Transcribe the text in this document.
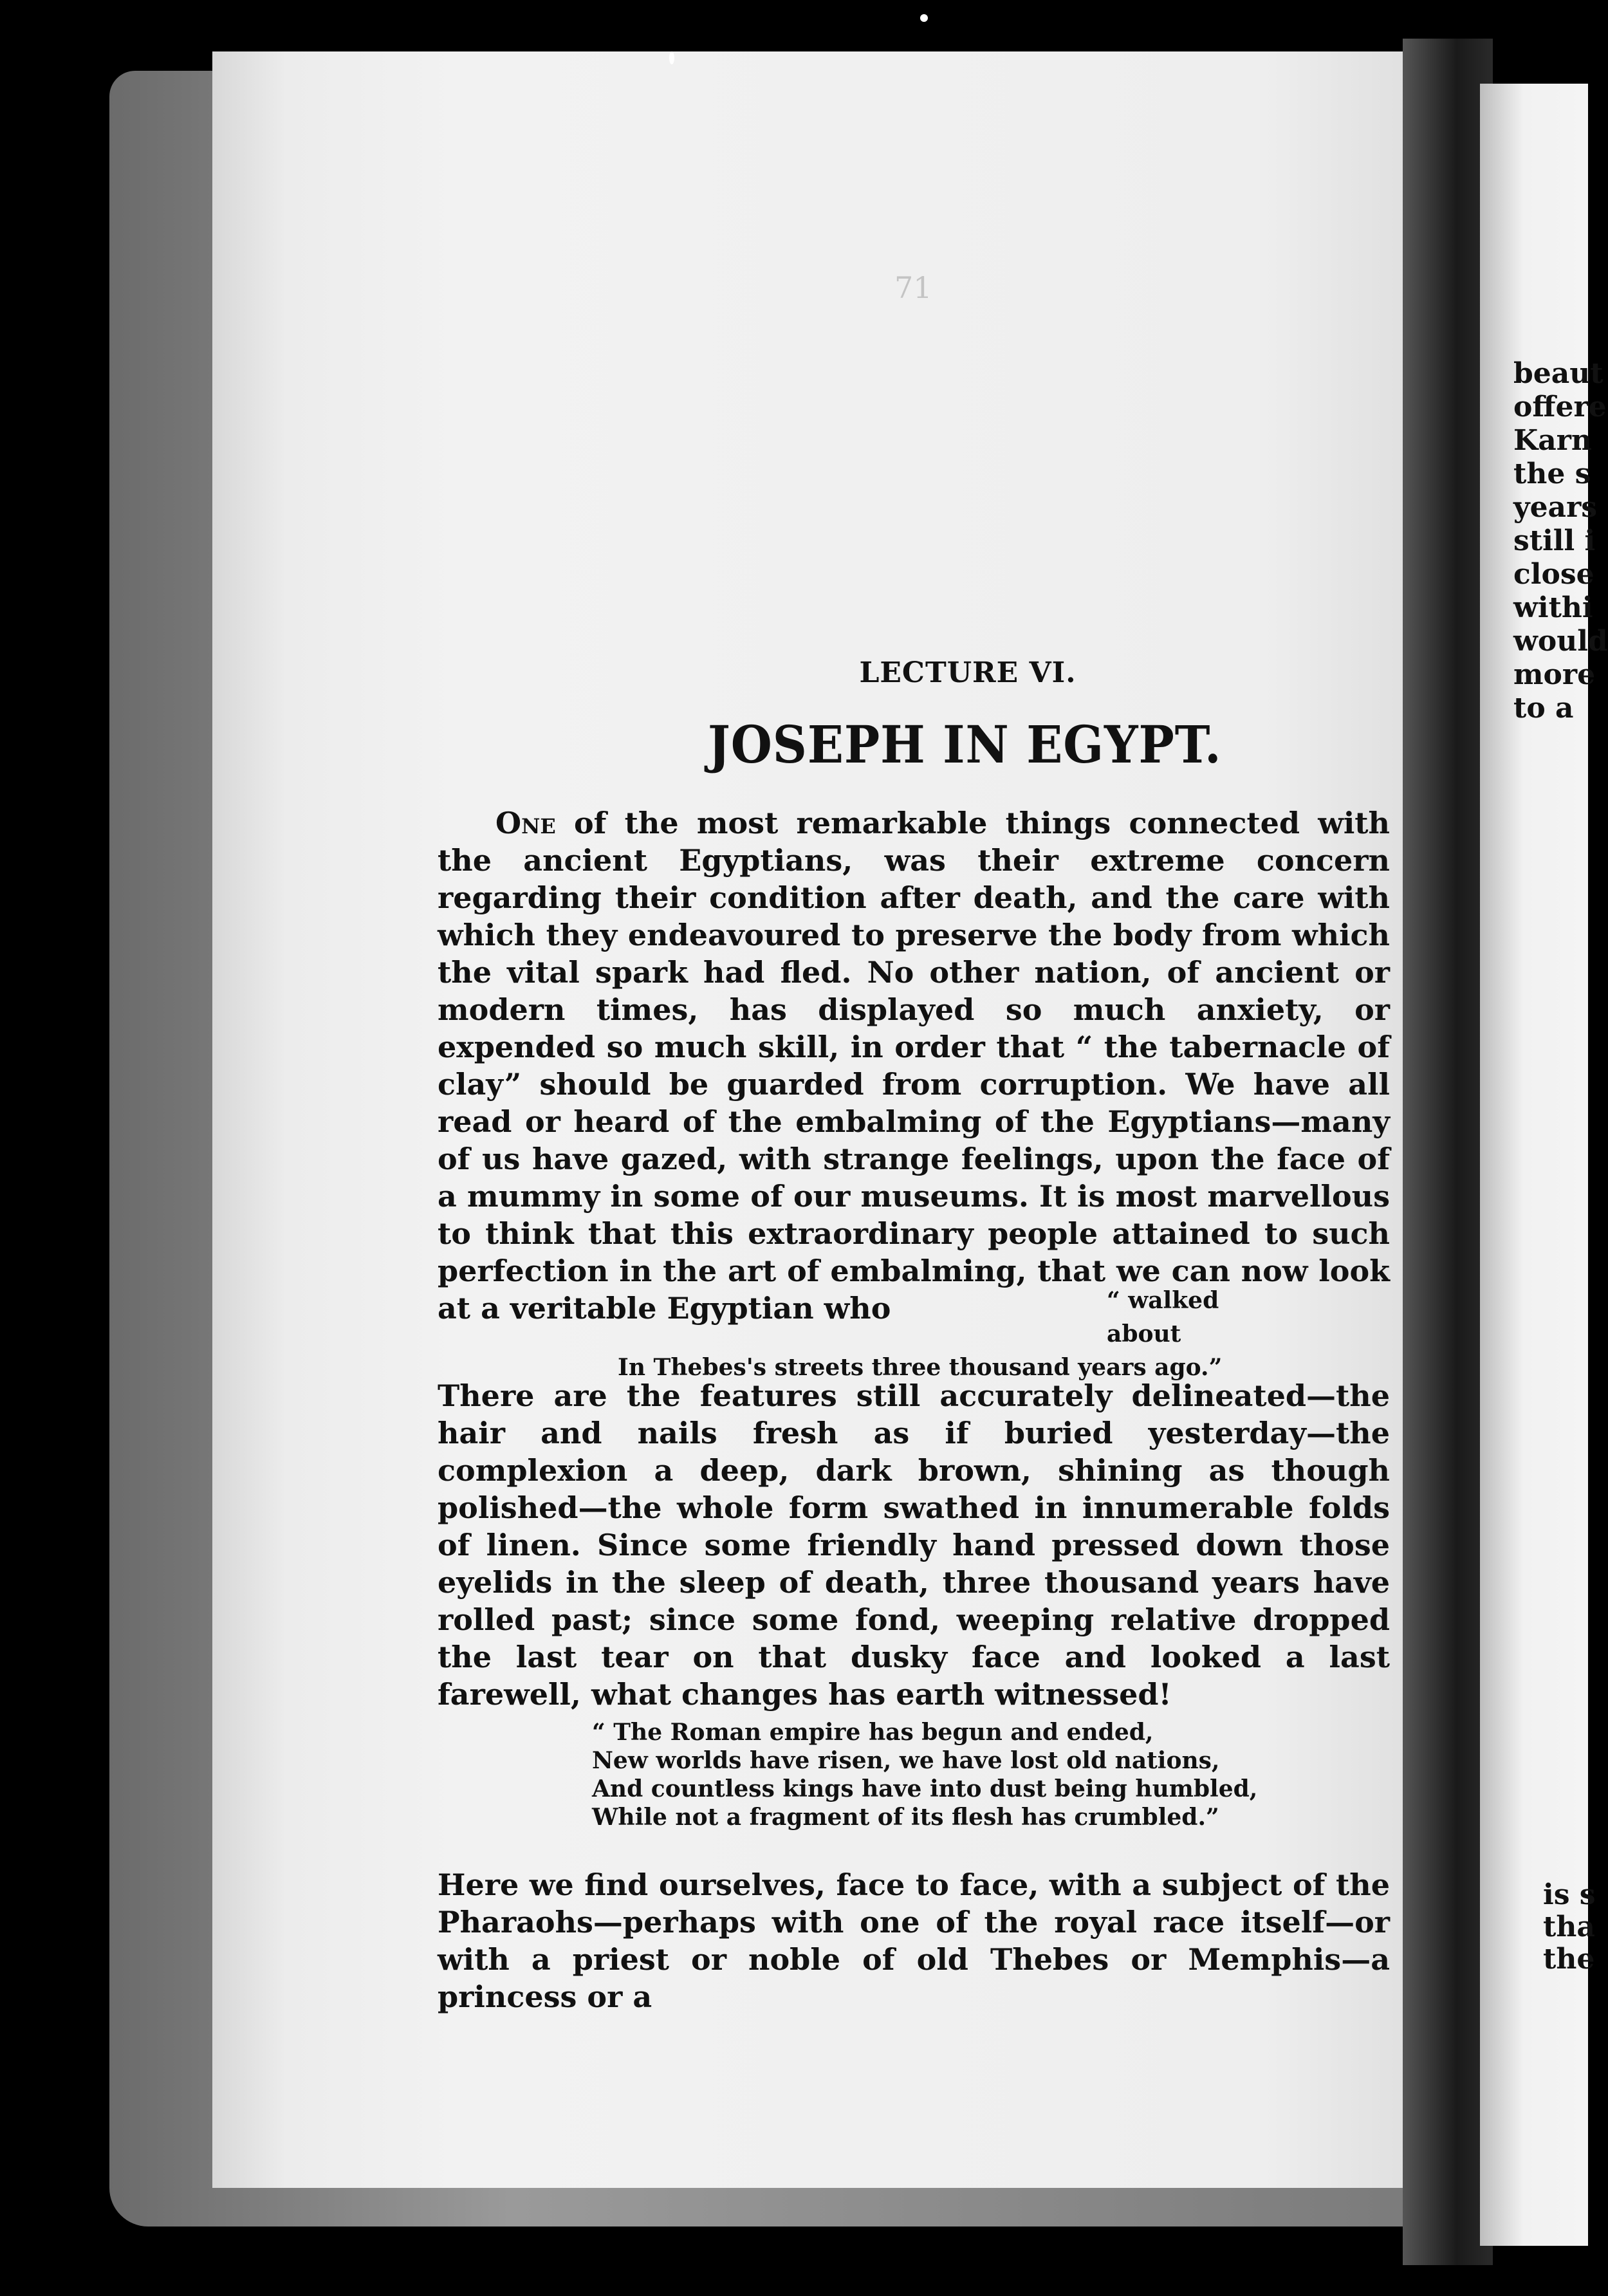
71
LECTURE VI.
JOSEPH IN EGYPT.

One of the most remarkable things connected with the ancient Egyptians, was their extreme concern regarding their condition after death, and the care with which they endeavoured to preserve the body from which the vital spark had fled. No other nation, of ancient or modern times, has displayed so much anxiety, or expended so much skill, in order that “ the tabernacle of clay” should be guarded from corruption. We have all read or heard of the embalming of the Egyptians—many of us have gazed, with strange feelings, upon the face of a mummy in some of our museums. It is most marvellous to think that this extraordinary people attained to such perfection in the art of embalming, that we can now look at a veritable Egyptian who	“ walked about
In Thebes's streets three thousand years ago.”

There are the features still accurately delineated—the hair and nails fresh as if buried yesterday—the complexion a deep, dark brown, shining as though polished—the whole form swathed in innumerable folds of linen. Since some friendly hand pressed down those eyelids in the sleep of death, three thousand years have rolled past; since some fond, weeping relative dropped the last tear on that dusky face and looked a last farewell, what changes has earth witnessed!

“ The Roman empire has begun and ended,
New worlds have risen, we have lost old nations,
And countless kings have into dust being humbled,
While not a fragment of its flesh has crumbled.”

Here we find ourselves, face to face, with a subject of the Pharaohs—perhaps with one of the royal race itself—or with a priest or noble of old Thebes or Memphis—a princess or a

beaut
offere
Karn
the s
years
still i
close
withi
would
more
to a
is s
tha
the
